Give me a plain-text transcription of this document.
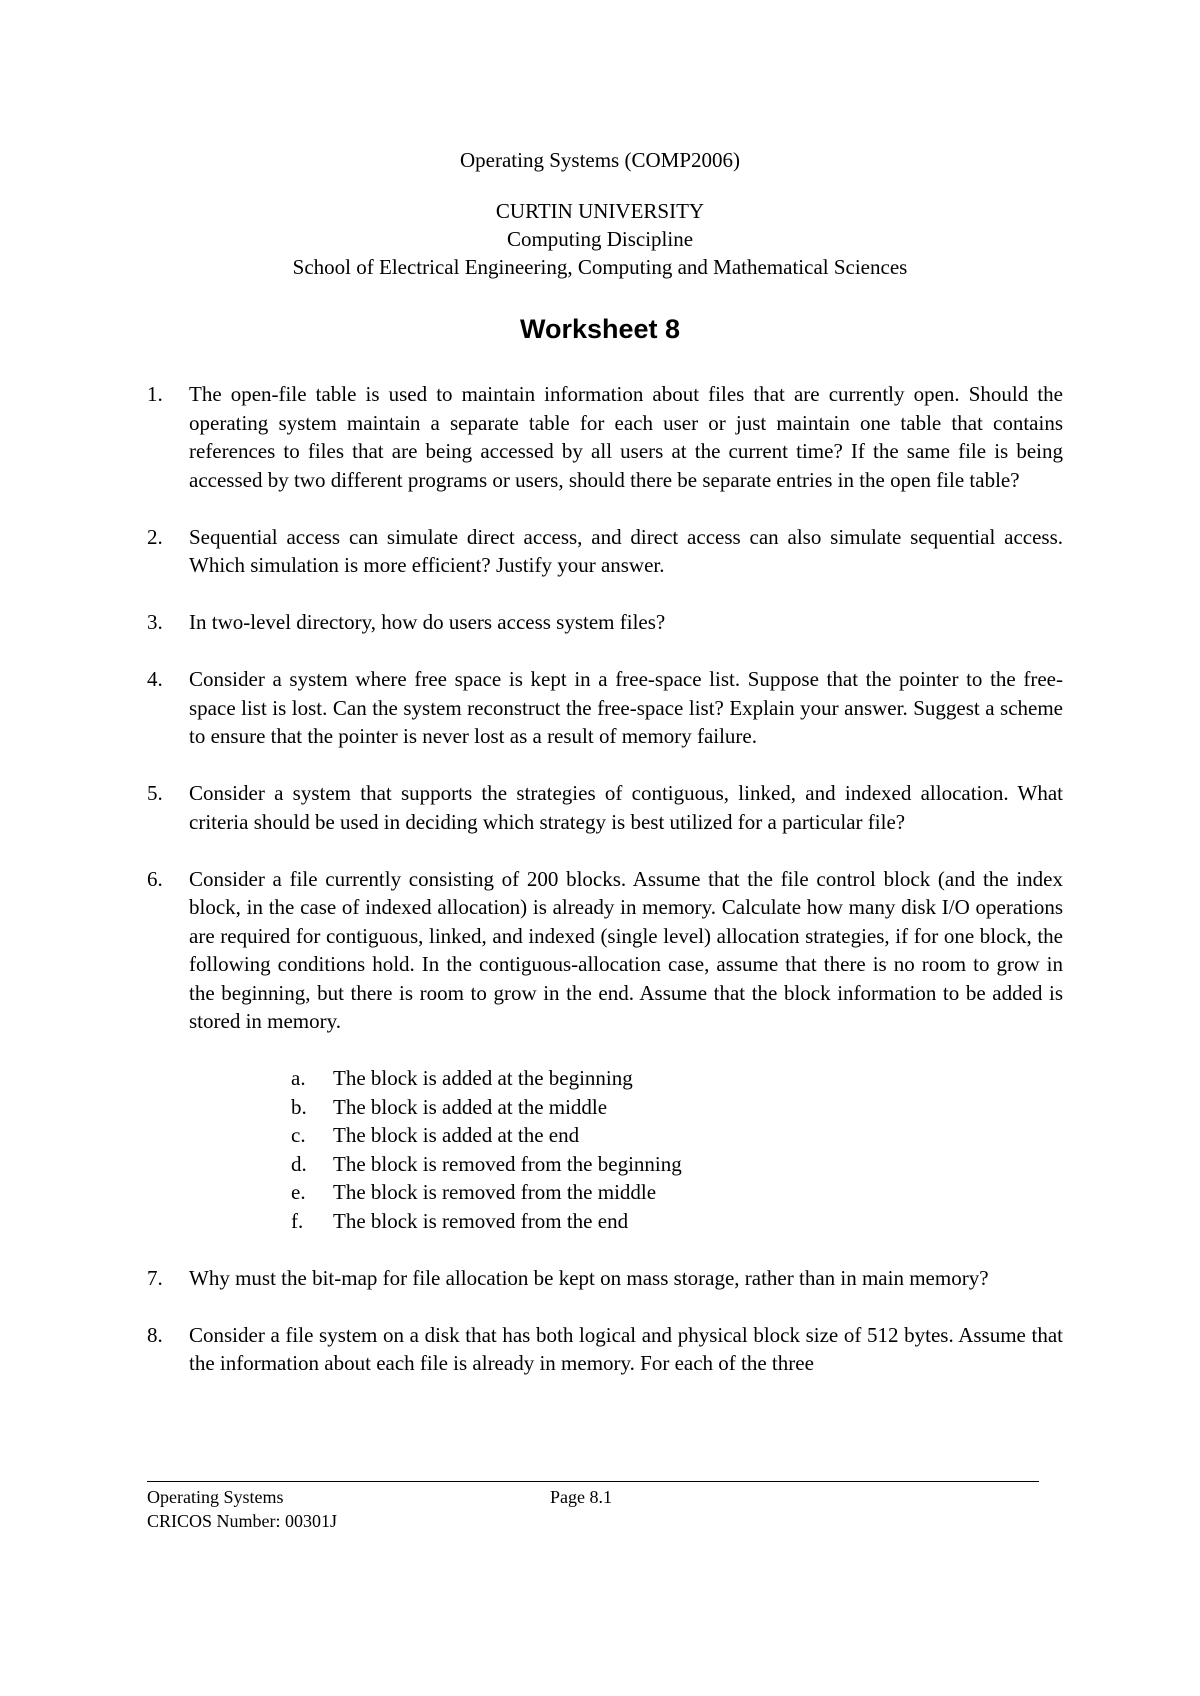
Operating Systems (COMP2006)
CURTIN UNIVERSITY
Computing Discipline
School of Electrical Engineering, Computing and Mathematical Sciences
Worksheet 8
1. The open-file table is used to maintain information about files that are currently open. Should the operating system maintain a separate table for each user or just maintain one table that contains references to files that are being accessed by all users at the current time? If the same file is being accessed by two different programs or users, should there be separate entries in the open file table?
2. Sequential access can simulate direct access, and direct access can also simulate sequential access. Which simulation is more efficient? Justify your answer.
3. In two-level directory, how do users access system files?
4. Consider a system where free space is kept in a free-space list. Suppose that the pointer to the free-space list is lost. Can the system reconstruct the free-space list? Explain your answer. Suggest a scheme to ensure that the pointer is never lost as a result of memory failure.
5. Consider a system that supports the strategies of contiguous, linked, and indexed allocation. What criteria should be used in deciding which strategy is best utilized for a particular file?
6. Consider a file currently consisting of 200 blocks. Assume that the file control block (and the index block, in the case of indexed allocation) is already in memory. Calculate how many disk I/O operations are required for contiguous, linked, and indexed (single level) allocation strategies, if for one block, the following conditions hold. In the contiguous-allocation case, assume that there is no room to grow in the beginning, but there is room to grow in the end. Assume that the block information to be added is stored in memory.
a. The block is added at the beginning
b. The block is added at the middle
c. The block is added at the end
d. The block is removed from the beginning
e. The block is removed from the middle
f. The block is removed from the end
7. Why must the bit-map for file allocation be kept on mass storage, rather than in main memory?
8. Consider a file system on a disk that has both logical and physical block size of 512 bytes. Assume that the information about each file is already in memory. For each of the three
Operating Systems
CRICOS Number: 00301J
Page 8.1
